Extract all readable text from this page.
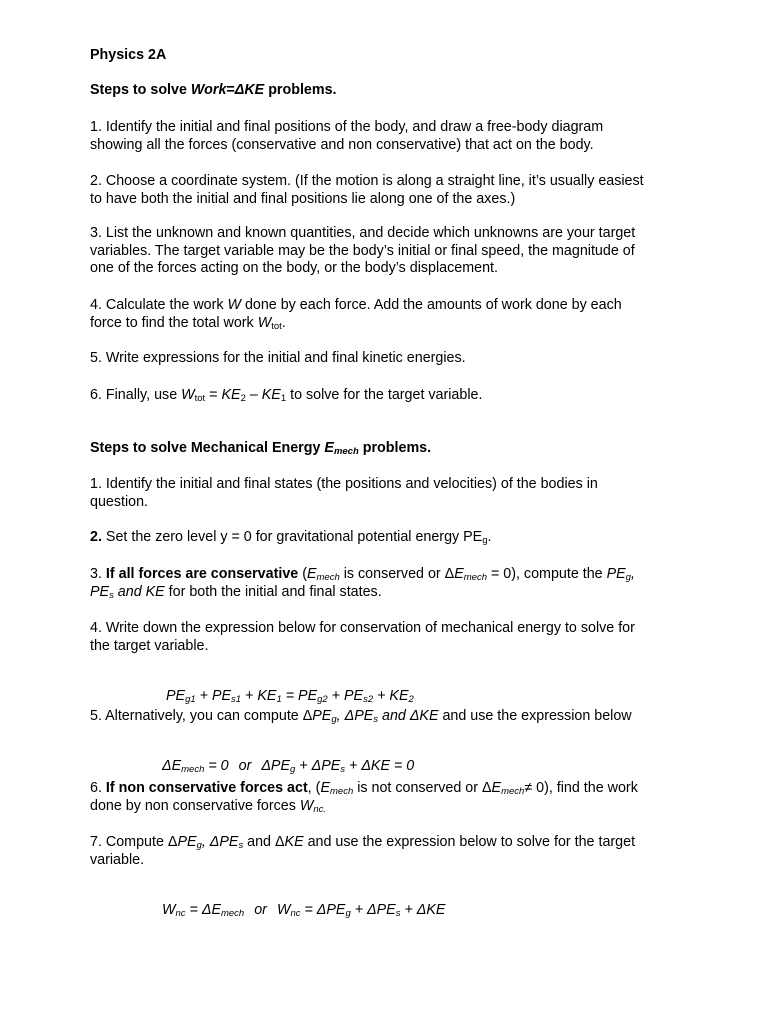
Physics 2A

Steps to solve Work=ΔKE problems.

1. Identify the initial and final positions of the body, and draw a free-body diagram
showing all the forces (conservative and non conservative) that act on the body.

2. Choose a coordinate system. (If the motion is along a straight line, it’s usually easiest
to have both the initial and final positions lie along one of the axes.)

3. List the unknown and known quantities, and decide which unknowns are your target
variables. The target variable may be the body’s initial or final speed, the magnitude of
one of the forces acting on the body, or the body’s displacement.

4. Calculate the work W done by each force. Add the amounts of work done by each
force to find the total work $W_{tot}$.

5. Write expressions for the initial and final kinetic energies.

6. Finally, use $W_{tot} = KE_2 - KE_1$ to solve for the target variable.

Steps to solve Mechanical Energy $E_{mech}$ problems.

1. Identify the initial and final states (the positions and velocities) of the bodies in
question.

2. Set the zero level y = 0 for gravitational potential energy $PE_g$.

3. If all forces are conservative ($E_{mech}$ is conserved or $\Delta E_{mech} = 0$), compute the $PE_g$,
$PE_s$ and KE for both the initial and final states.

4. Write down the expression below for conservation of mechanical energy to solve for
the target variable.

$PE_{g1} + PE_{s1} + KE_1 = PE_{g2} + PE_{s2} + KE_2$

5. Alternatively, you can compute $\Delta PE_g$, $\Delta PE_s$ and ΔKE and use the expression below

$\Delta E_{mech} = 0$ or $\Delta PE_g + \Delta PE_s + \Delta KE = 0$

6. If non conservative forces act, ($E_{mech}$ is not conserved or $\Delta E_{mech}\ne 0$), find the work
done by non conservative forces $W_{nc.}$

7. Compute $\Delta PE_g$, $\Delta PE_s$ and ΔKE and use the expression below to solve for the target
variable.

$W_{nc} = \Delta E_{mech}$ or $W_{nc} = \Delta PE_g + \Delta PE_s + \Delta KE$
